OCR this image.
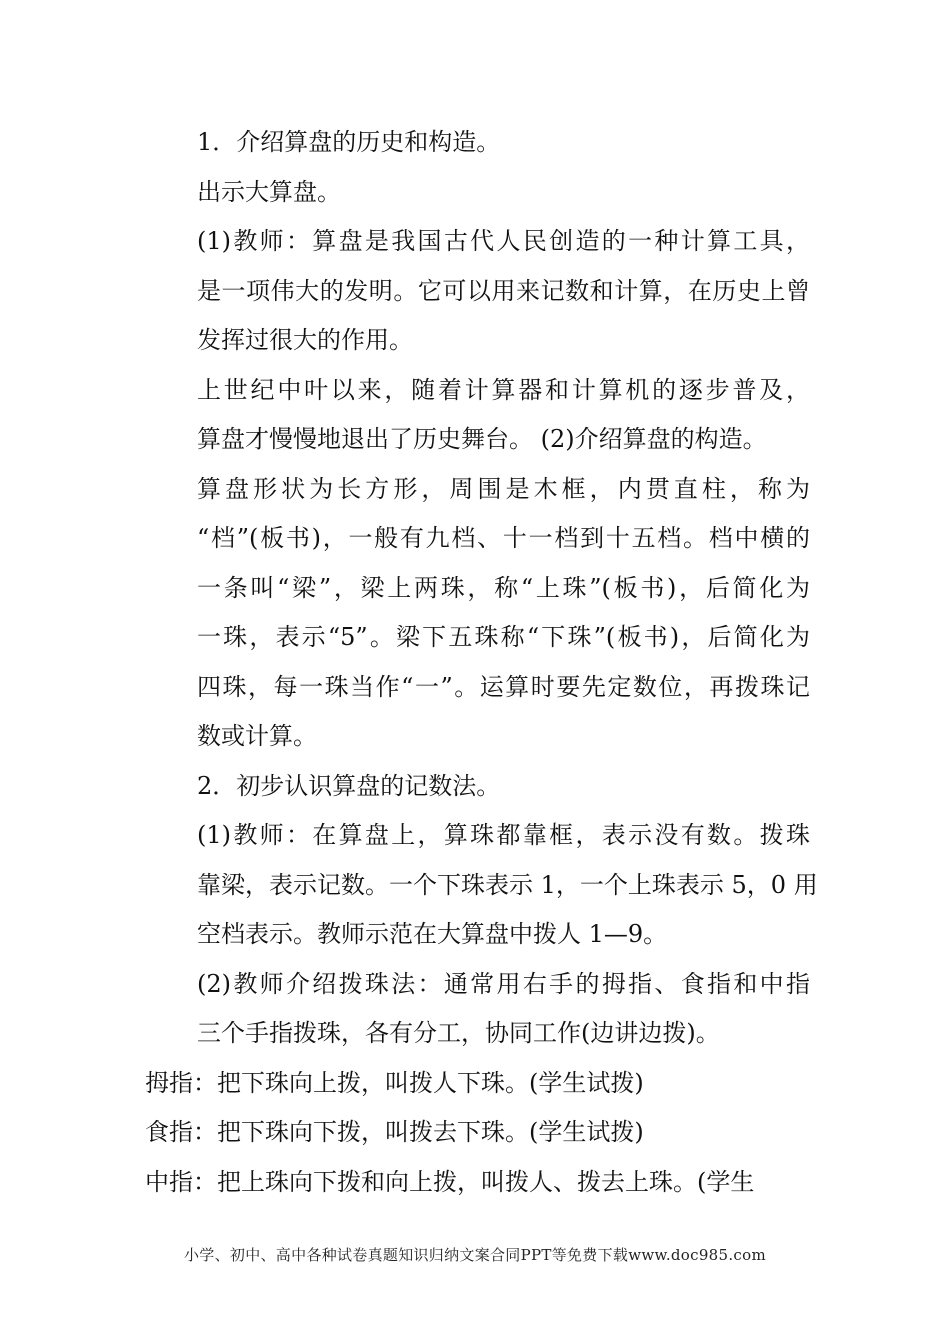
1．介绍算盘的历史和构造。

出示大算盘。

(1)教师：算盘是我国古代人民创造的一种计算工具，
是一项伟大的发明。它可以用来记数和计算，在历史上曾
发挥过很大的作用。

上世纪中叶以来，随着计算器和计算机的逐步普及，
算盘才慢慢地退出了历史舞台。 (2)介绍算盘的构造。

算盘形状为长方形，周围是木框，内贯直柱，称为
“档”(板书)，一般有九档、十一档到十五档。档中横的
一条叫“梁”，梁上两珠，称“上珠”(板书)，后简化为
一珠，表示“5”。梁下五珠称“下珠”(板书)，后简化为
四珠，每一珠当作“一”。运算时要先定数位，再拨珠记
数或计算。

2．初步认识算盘的记数法。

(1)教师：在算盘上，算珠都靠框，表示没有数。拨珠
靠梁，表示记数。一个下珠表示 1，一个上珠表示 5，0 用
空档表示。教师示范在大算盘中拨人 1—9。

(2)教师介绍拨珠法：通常用右手的拇指、食指和中指
三个手指拨珠，各有分工，协同工作(边讲边拨)。

拇指：把下珠向上拨，叫拨人下珠。(学生试拨)

食指：把下珠向下拨，叫拨去下珠。(学生试拨)

中指：把上珠向下拨和向上拨，叫拨人、拨去上珠。(学生

小学、初中、高中各种试卷真题知识归纳文案合同PPT等免费下载www.doc985.com
